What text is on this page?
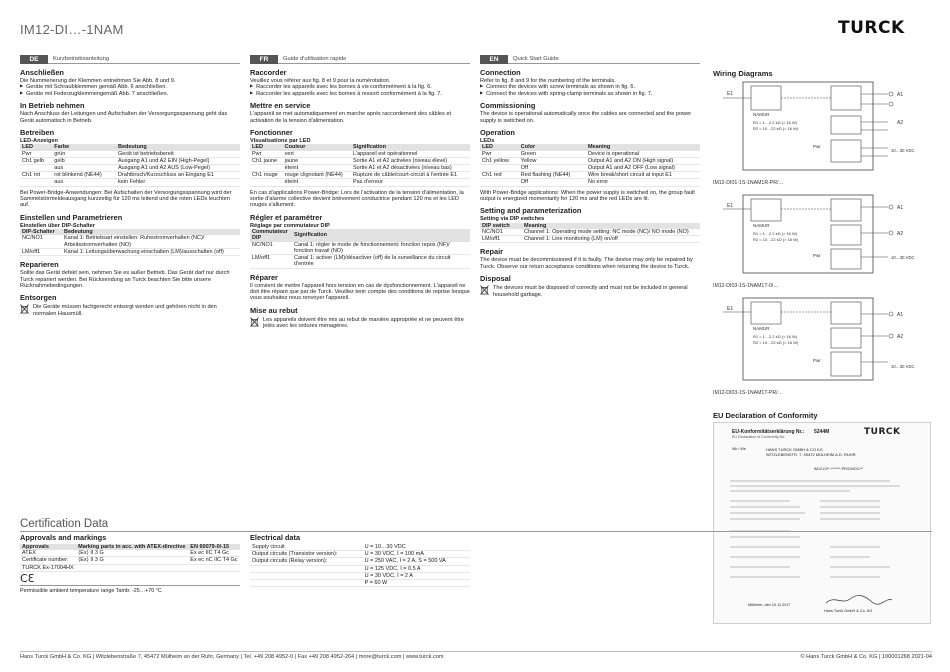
IM12-DI…-1NAM	TURCK
DE	Kurzbetriebsanleitung
Anschließen
Die Nummerierung der Klemmen entnehmen Sie Abb. 8 und 9.
▶ Geräte mit Schraubklemmen gemäß Abb. 6 anschließen.
▶ Geräte mit Federzugklemmengemäß Abb. 7 anschließen.
In Betrieb nehmen
Nach Anschluss der Leitungen und Aufschalten der Versorgungsspannung geht das Gerät automatisch in Betrieb.
Betreiben
LED-Anzeigen
LED	Farbe	Bedeutung
Pwr	grün	Gerät ist betriebsbereit
Ch1 gelb	gelb	Ausgang A1 und A2 EIN (High-Pegel)
	aus	Ausgang A1 und A2 AUS (Low-Pegel)
Ch1 rot	rot blinkend (NE44)	Drahtbruch/Kurzschluss an Eingang E1
	aus	kein Fehler
Bei Power-Bridge-Anwendungen: Bei Aufschalten der Versorgungsspannung wird der Sammelstörmeldeausgang kurzzeitig für 120 ms leitend und die roten LEDs leuchten auf.
Einstellen und Parametrieren
Einstellen über DIP-Schalter
DIP-Schalter	Bedeutung
NC/NO1	Kanal 1: Betriebsart einstellen: Ruhestromverhalten (NC)/ Arbeitsstromverhalten (NO)
LM/off1	Kanal 1: Leitungsüberwachung einschalten (LM)/ausschalten (off)
Reparieren
Sollte das Gerät defekt sein, nehmen Sie es außer Betrieb. Das Gerät darf nur durch Turck repariert werden. Bei Rücksendung an Turck beachten Sie bitte unsere Rücknahmebedingungen.
Entsorgen
Die Geräte müssen fachgerecht entsorgt werden und gehören nicht in den normalen Hausmüll.
FR	Guide d'utilisation rapide
Raccorder
Veuillez vous référer aux fig. 8 et 9 pour la numérotation.
▶ Raccorder les appareils avec les bornes à vis conformément à la fig. 6.
▶ Raccorder les appareils avec les bornes à ressort conformément à la fig. 7.
Mettre en service
L'appareil se met automatiquement en marche après raccordement des câbles et activation de la tension d'alimentation.
Fonctionner
Visualisations par LED
LED	Couleur	Signification
Pwr	vert	L'appareil est opérationnel
Ch1 jaune	jaune	Sortie A1 et A2 activées (niveau élevé)
	éteint	Sortie A1 et A2 désactivées (niveau bas)
Ch1 rouge	rouge clignotant (NE44)	Rupture de câble/court-circuit à l'entrée E1
	éteint	Pas d'erreur
En cas d'applications Power-Bridge: Lors de l'activation de la tension d'alimentation, la sortie d'alarme collective devient brièvement conductrice pendant 120 ms et les LED rouges s'allument.
Régler et paramétrer
Réglage par commutateur DIP
Commutateur DIP	Signification
NC/NO1	Canal 1: régler le mode de fonctionnement: fonction repos (NF)/ fonction travail (NO)
LM/off1	Canal 1: activer (LM)/désactiver (off) de la surveillance du circuit d'entrée
Réparer
Il convient de mettre l'appareil hors tension en cas de dysfonctionnement. L'appareil ne doit être réparé que par de Turck. Veuillez tenir compte des conditions de reprise lorsque vous souhaitez nous renvoyer l'appareil.
Mise au rebut
Les appareils doivent être mis au rebut de manière appropriée et ne peuvent être jetés avec les ordures ménagères.
EN	Quick Start Guide
Connection
Refer to fig. 8 and 9 for the numbering of the terminals.
▶ Connect the devices with screw terminals as shown in fig. 6.
▶ Connect the devices with spring-clamp terminals as shown in fig. 7.
Commissioning
The device is operational automatically once the cables are connected and the power supply is switched on.
Operation
LEDs
LED	Color	Meaning
Pwr	Green	Device is operational
Ch1 yellow	Yellow	Output A1 and A2 ON (High signal)
	Off	Output A1 and A2 OFF (Low signal)
Ch1 red	Red flashing (NE44)	Wire break/short circuit at input E1
	Off	No error
With Power-Bridge applications: When the power supply is switched on, the group fault output is energized momentarily for 120 ms and the red LEDs are lit.
Setting and parameterization
Setting via DIP switches
DIP switch	Meaning
NC/NO1	Channel 1: Operating mode setting: NC mode (NC)/ NO mode (NO)
LM/off1	Channel 1: Line monitoring (LM) on/off
Repair
The device must be decommissioned if it is faulty. The device may only be repaired by Turck. Observe our return acceptance conditions when returning the device to Turck.
Disposal
The devices must be disposed of correctly and must not be included in general household garbage.
Wiring Diagrams
E1
NAMUR
R1 = 1…2.2 kΩ (> 16 W)
R2 = 10…22 kΩ (> 16 W)
A1
A2
Pwr
10…30 VDC
IM12-DI01-1S-1NAM1R-PR/…
E1
NAMUR
R1 = 1…2.2 kΩ (> 16 W)
R2 = 10…22 kΩ (> 16 W)
A1
A2
Pwr	10…30 VDC
IM12-DI03-1S-1NAM1T-0/…
E1
NAMUR
R1 = 1…2.2 kΩ (> 16 W)
R2 = 10…22 kΩ (> 16 W)
A1
A2
Pwr
10…30 VDC
IM12-DI03-1S-1NAM1T-PR/…
EU Declaration of Conformity
EU-Konformitätserklärung Nr.: 5244M	TURCK
EU Declaration of Conformity No.:
Wir / We	HANS TURCK GMBH & CO KG
WITZLEBENSTR. 7, 45472 MÜLHEIM A.D. RUHR
IM12-DI**-*******-PR/24VDC/**
Mülheim, den 10.11.2017
Hans Turck GmbH & Co. KG
Certification Data
Approvals and markings
Approvals	Marking parts in acc. with ATEX-directive	EN 60079-0/-15
ATEX	⟨Ex⟩ II 3 G	Ex ec IIC T4 Gc
Certificate number:	⟨Ex⟩ II 3 G	Ex ec nC IIC T4 Gc
TURCK Ex-17004HX		
CƐ
Permissible ambient temperature range Tamb: -25…+70 °C
Electrical data
Supply circuit	U = 10…30 VDC
Output circuits (Transistor version):	U = 30 VDC, I = 100 mA
Output circuits (Relay version):	U = 250 VAC, I = 2 A, S = 500 VA
	U = 125 VDC, I = 0.5 A
	U = 30 VDC, I = 2 A
	P = 60 W
Hans Turck GmbH & Co. KG | Witzlebenstraße 7, 45472 Mülheim an der Ruhr, Germany | Tel. +49 208 4952-0 | Fax +49 208 4952-264 | more@turck.com | www.turck.com	© Hans Turck GmbH & Co. KG | 100001268 2021-04
